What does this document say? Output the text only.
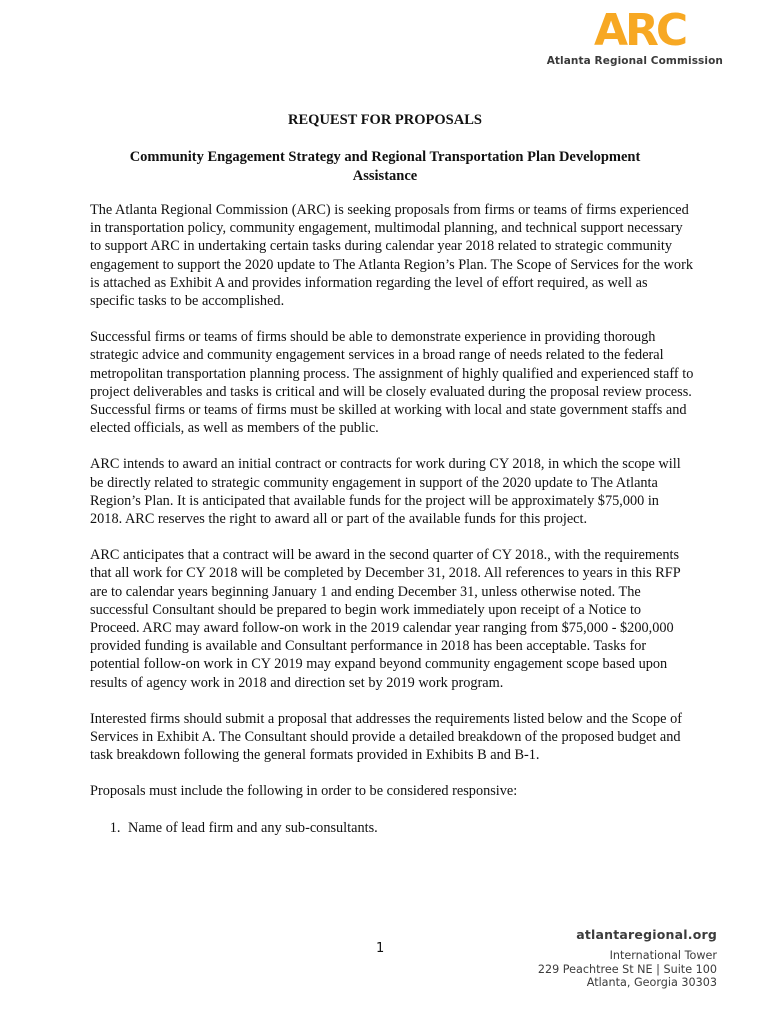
ARC
Atlanta Regional Commission
REQUEST FOR PROPOSALS
Community Engagement Strategy and Regional Transportation Plan Development Assistance

The Atlanta Regional Commission (ARC) is seeking proposals from firms or teams of firms experienced in transportation policy, community engagement, multimodal planning, and technical support necessary to support ARC in undertaking certain tasks during calendar year 2018 related to strategic community engagement to support the 2020 update to The Atlanta Region’s Plan. The Scope of Services for the work is attached as Exhibit A and provides information regarding the level of effort required, as well as specific tasks to be accomplished.

Successful firms or teams of firms should be able to demonstrate experience in providing thorough strategic advice and community engagement services in a broad range of needs related to the federal metropolitan transportation planning process. The assignment of highly qualified and experienced staff to project deliverables and tasks is critical and will be closely evaluated during the proposal review process. Successful firms or teams of firms must be skilled at working with local and state government staffs and elected officials, as well as members of the public.

ARC intends to award an initial contract or contracts for work during CY 2018, in which the scope will be directly related to strategic community engagement in support of the 2020 update to The Atlanta Region’s Plan. It is anticipated that available funds for the project will be approximately $75,000 in 2018. ARC reserves the right to award all or part of the available funds for this project.

ARC anticipates that a contract will be award in the second quarter of CY 2018., with the requirements that all work for CY 2018 will be completed by December 31, 2018. All references to years in this RFP are to calendar years beginning January 1 and ending December 31, unless otherwise noted. The successful Consultant should be prepared to begin work immediately upon receipt of a Notice to Proceed. ARC may award follow-on work in the 2019 calendar year ranging from $75,000 - $200,000 provided funding is available and Consultant performance in 2018 has been acceptable. Tasks for potential follow-on work in CY 2019 may expand beyond community engagement scope based upon results of agency work in 2018 and direction set by 2019 work program.

Interested firms should submit a proposal that addresses the requirements listed below and the Scope of Services in Exhibit A. The Consultant should provide a detailed breakdown of the proposed budget and task breakdown following the general formats provided in Exhibits B and B-1.

Proposals must include the following in order to be considered responsive:

1. Name of lead firm and any sub-consultants.
1
atlantaregional.org
International Tower
229 Peachtree St NE | Suite 100
Atlanta, Georgia 30303
